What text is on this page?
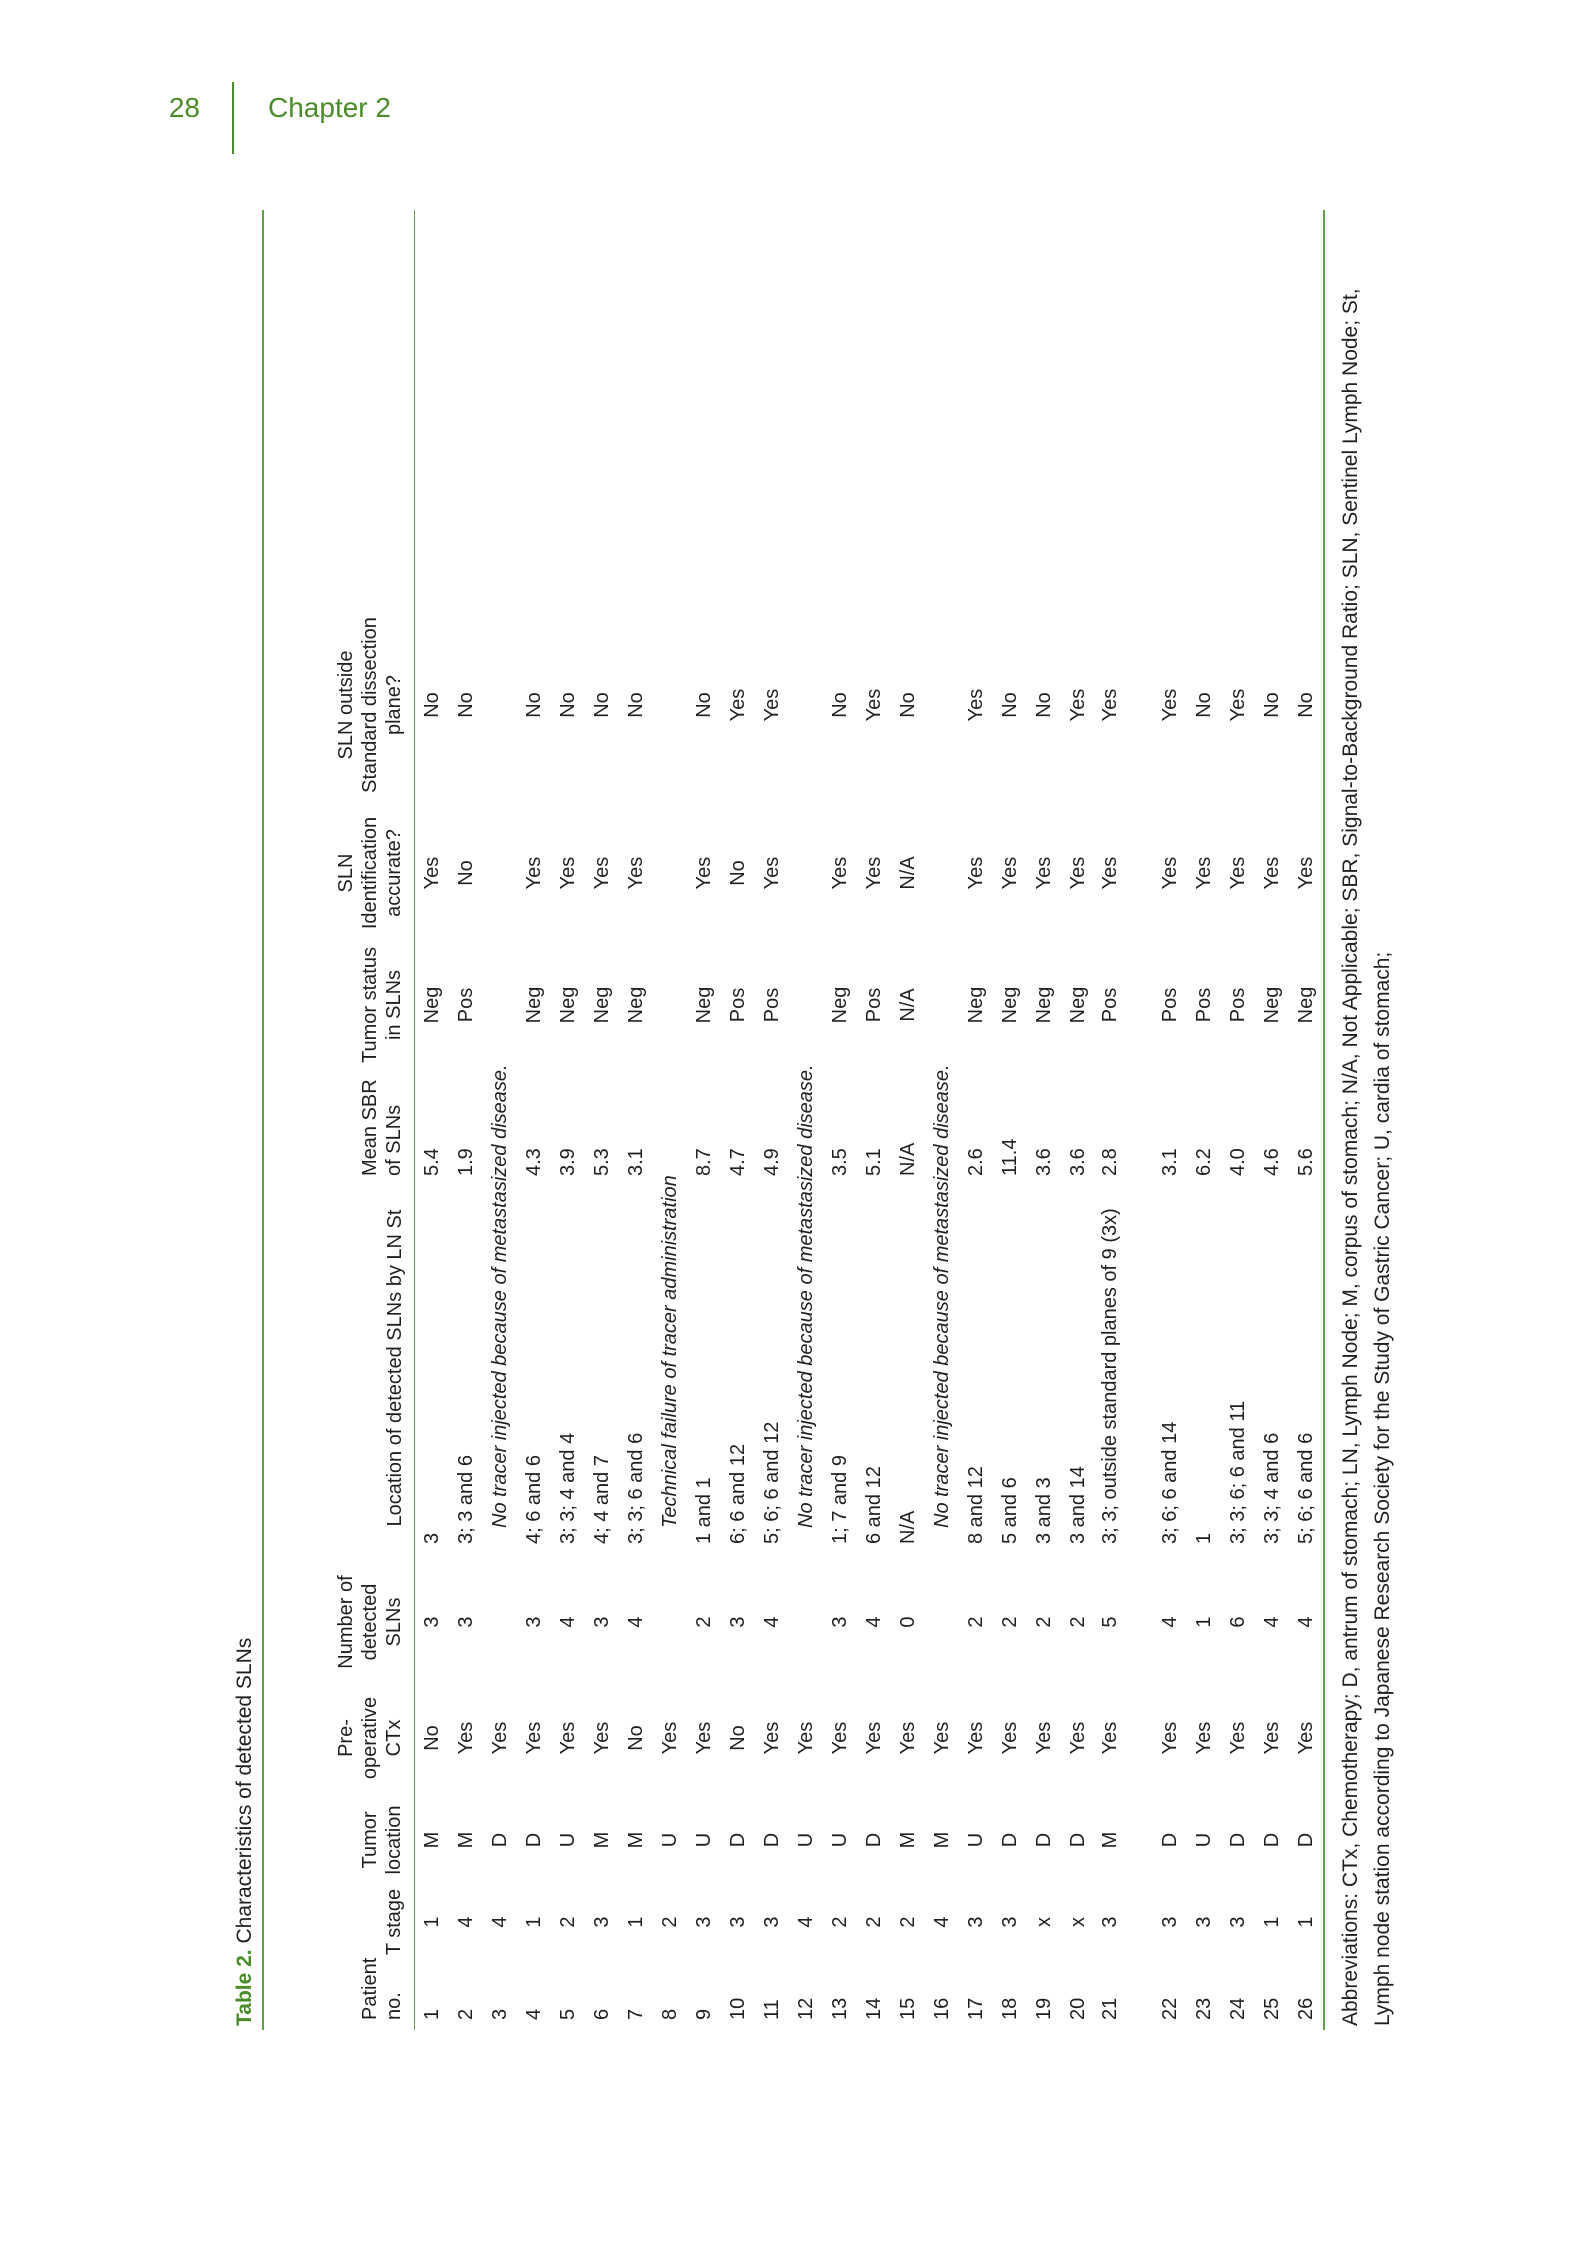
28 Chapter 2
Table 2. Characteristics of detected SLNs
Patient no.
T stage
Tumor location
Pre-operative CTx
Number of detected SLNs
Location of detected SLNs by LN St
Mean SBR of SLNs
Tumor status in SLNs
SLN Identification accurate?
SLN outside Standard dissection plane?
1
1
M
No
3
3
5.4
Neg
Yes
No
2
4
M
Yes
3
3; 3 and 6
1.9
Pos
No
No
3
4
D
Yes
No tracer injected because of metastasized disease.
4
1
D
Yes
3
4; 6 and 6
4.3
Neg
Yes
No
5
2
U
Yes
4
3; 3; 4 and 4
3.9
Neg
Yes
No
6
3
M
Yes
3
4; 4 and 7
5.3
Neg
Yes
No
7
1
M
No
4
3; 3; 6 and 6
3.1
Neg
Yes
No
8
2
U
Yes
Technical failure of tracer administration
9
3
U
Yes
2
1 and 1
8.7
Neg
Yes
No
10
3
D
No
3
6; 6 and 12
4.7
Pos
No
Yes
11
3
D
Yes
4
5; 6; 6 and 12
4.9
Pos
Yes
Yes
12
4
U
Yes
No tracer injected because of metastasized disease.
13
2
U
Yes
3
1; 7 and 9
3.5
Neg
Yes
No
14
2
D
Yes
4
6 and 12
5.1
Pos
Yes
Yes
15
2
M
Yes
0
N/A
N/A
N/A
N/A
No
16
4
M
Yes
No tracer injected because of metastasized disease.
17
3
U
Yes
2
8 and 12
2.6
Neg
Yes
Yes
18
3
D
Yes
2
5 and 6
11.4
Neg
Yes
No
19
x
D
Yes
2
3 and 3
3.6
Neg
Yes
No
20
x
D
Yes
2
3 and 14
3.6
Neg
Yes
Yes
21
3
M
Yes
5
3; 3; outside standard planes of 9 (3x)
2.8
Pos
Yes
Yes
22
3
D
Yes
4
3; 6; 6 and 14
3.1
Pos
Yes
Yes
23
3
U
Yes
1
1
6.2
Pos
Yes
No
24
3
D
Yes
6
3; 3; 6; 6 and 11
4.0
Pos
Yes
Yes
25
1
D
Yes
4
3; 3; 4 and 6
4.6
Neg
Yes
No
26
1
D
Yes
4
5; 6; 6 and 6
5.6
Neg
Yes
No Abbreviations: CTx, Chemotherapy; D, antrum of stomach; LN, Lymph Node; M, corpus of stomach; N/A, Not Applicable; SBR, Signal-to-Background Ratio; SLN, Sentinel Lymph Node; St, Lymph node station according to Japanese Research Society for the Study of Gastric Cancer; U, cardia of stomach;
